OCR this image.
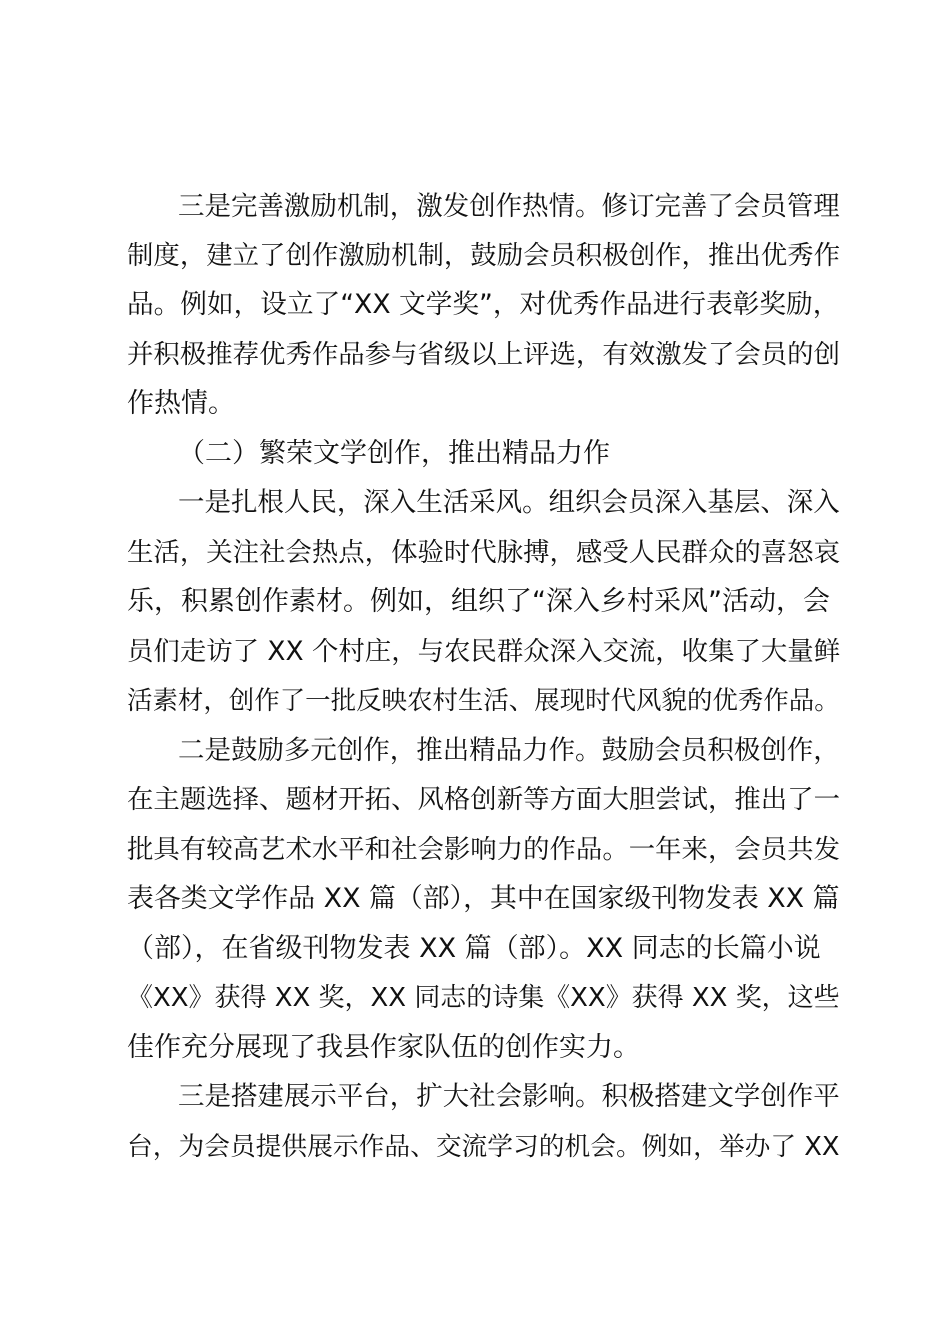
三是完善激励机制，激发创作热情。修订完善了会员管理

制度，建立了创作激励机制，鼓励会员积极创作，推出优秀作

品。例如，设立了“XX 文学奖”，对优秀作品进行表彰奖励，

并积极推荐优秀作品参与省级以上评选，有效激发了会员的创

作热情。

（二）繁荣文学创作，推出精品力作

一是扎根人民，深入生活采风。组织会员深入基层、深入

生活，关注社会热点，体验时代脉搏，感受人民群众的喜怒哀

乐，积累创作素材。例如，组织了“深入乡村采风”活动，会

员们走访了 XX 个村庄，与农民群众深入交流，收集了大量鲜

活素材，创作了一批反映农村生活、展现时代风貌的优秀作品。

二是鼓励多元创作，推出精品力作。鼓励会员积极创作，

在主题选择、题材开拓、风格创新等方面大胆尝试，推出了一

批具有较高艺术水平和社会影响力的作品。一年来，会员共发

表各类文学作品 XX 篇（部），其中在国家级刊物发表 XX 篇

（部），在省级刊物发表 XX 篇（部）。XX 同志的长篇小说

《XX》获得 XX 奖，XX 同志的诗集《XX》获得 XX 奖，这些

佳作充分展现了我县作家队伍的创作实力。

三是搭建展示平台，扩大社会影响。积极搭建文学创作平

台，为会员提供展示作品、交流学习的机会。例如，举办了 XX
